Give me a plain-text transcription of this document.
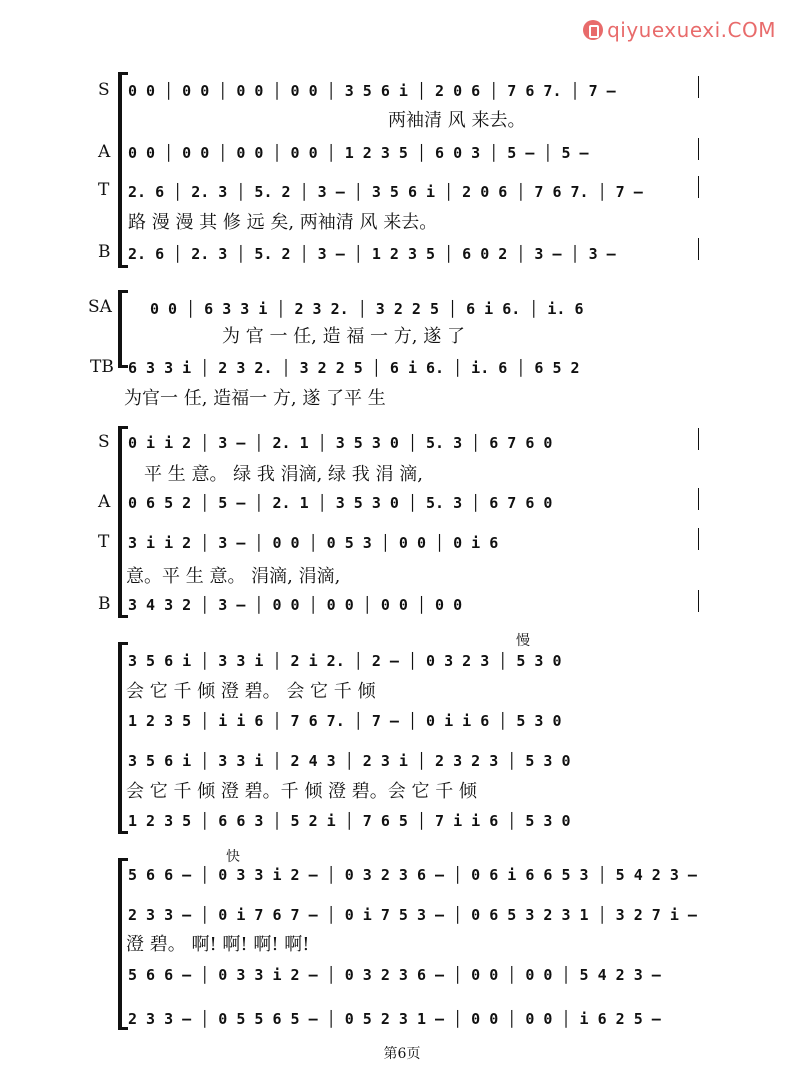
qiyuexuexi.COM
S 0 0 │ 0 0 │ 0 0 │ 0 0 │ 3 5 6 i │ 2 0 6 │ 7 6 7. │ 7 –
两袖清 风 来去。
A 0 0 │ 0 0 │ 0 0 │ 0 0 │ 1 2 3 5 │ 6 0 3 │ 5 – │ 5 –
T 2. 6 │ 2. 3 │ 5. 2 │ 3 – │ 3 5 6 i │ 2 0 6 │ 7 6 7. │ 7 –
路 漫 漫 其 修 远 矣, 两袖清 风 来去。
B 2. 6 │ 2. 3 │ 5. 2 │ 3 – │ 1 2 3 5 │ 6 0 2 │ 3 – │ 3 –
SA	0 0 │ 6 3 3 i │ 2 3 2. │ 3 2 2 5 │ 6 i 6. │ i. 6
为 官 一 任, 造 福 一 方, 遂 了
TB 6 3 3 i │ 2 3 2. │ 3 2 2 5 │ 6 i 6. │ i. 6 │ 6 5 2
为官一 任, 造福一 方, 遂 了平 生
S 0 i i 2 │ 3 – │ 2. 1 │ 3 5 3 0 │ 5. 3 │ 6 7 6 0
平 生 意。 绿 我 涓滴, 绿 我 涓 滴,
A 0 6 5 2 │ 5 – │ 2. 1 │ 3 5 3 0 │ 5. 3 │ 6 7 6 0
T 3 i i 2 │ 3 – │ 0 0 │ 0 5 3 │ 0 0 │ 0 i 6
意。平 生 意。 涓滴, 涓滴,
B 3 4 3 2 │ 3 – │ 0 0 │ 0 0 │ 0 0 │ 0 0
慢
3 5 6 i │ 3 3 i │ 2 i 2. │ 2 – │ 0 3 2 3 │ 5 3 0
会 它 千 倾 澄 碧。 会 它 千 倾
1 2 3 5 │ i i 6 │ 7 6 7. │ 7 – │ 0 i i 6 │ 5 3 0
3 5 6 i │ 3 3 i │ 2 4 3 │ 2 3 i │ 2 3 2 3 │ 5 3 0
会 它 千 倾 澄 碧。千 倾 澄 碧。会 它 千 倾
1 2 3 5 │ 6 6 3 │ 5 2 i │ 7 6 5 │ 7 i i 6 │ 5 3 0
快
5 6 6 – │ 0 3 3 i 2 – │ 0 3 2 3 6 – │ 0 6 i 6 6 5 3 │ 5 4 2 3 –
2 3 3 – │ 0 i 7 6 7 – │ 0 i 7 5 3 – │ 0 6 5 3 2 3 1 │ 3 2 7 i –
澄 碧。 啊! 啊! 啊! 啊!
5 6 6 – │ 0 3 3 i 2 – │ 0 3 2 3 6 – │ 0 0 │ 0 0 │ 5 4 2 3 –
2 3 3 – │ 0 5 5 6 5 – │ 0 5 2 3 1 – │ 0 0 │ 0 0 │ i 6 2 5 –
第6页
